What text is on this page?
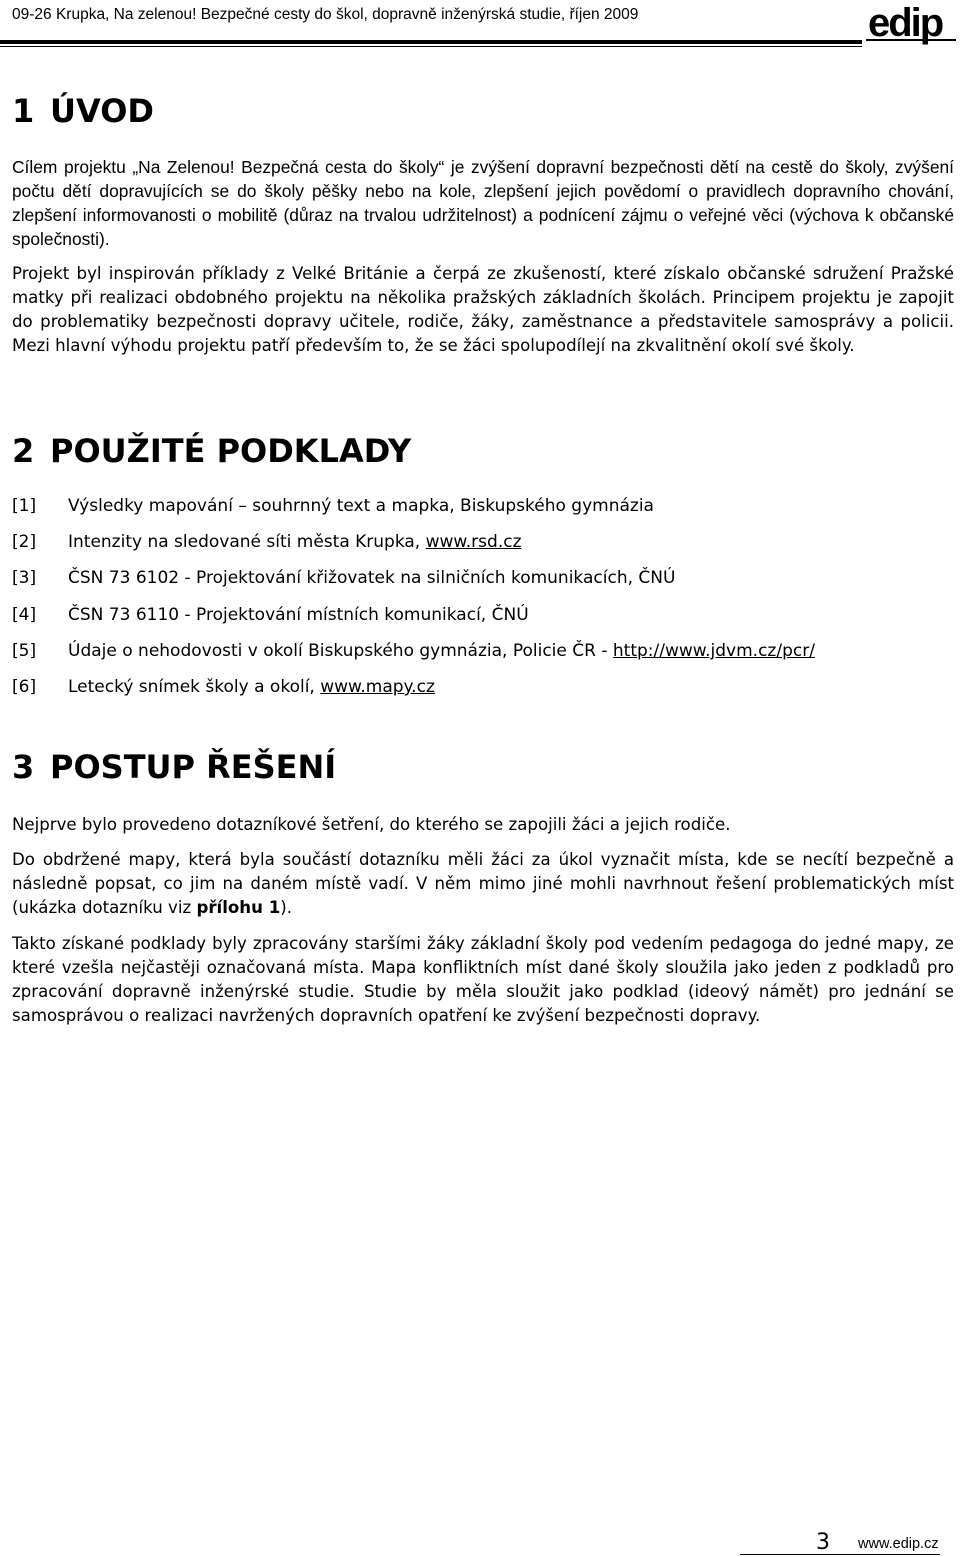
09-26 Krupka, Na zelenou! Bezpečné cesty do škol, dopravně inženýrská studie, říjen 2009	edip
1 ÚVOD

Cílem projektu „Na Zelenou! Bezpečná cesta do školy“ je zvýšení dopravní bezpečnosti dětí na cestě do školy, zvýšení počtu dětí dopravujících se do školy pěšky nebo na kole, zlepšení jejich povědomí o pravidlech dopravního chování, zlepšení informovanosti o mobilitě (důraz na trvalou udržitelnost) a podnícení zájmu o veřejné věci (výchova k občanské společnosti).

Projekt byl inspirován příklady z Velké Británie a čerpá ze zkušeností, které získalo občanské sdružení Pražské matky při realizaci obdobného projektu na několika pražských základních školách. Principem projektu je zapojit do problematiky bezpečnosti dopravy učitele, rodiče, žáky, zaměstnance a představitele samosprávy a policii. Mezi hlavní výhodu projektu patří především to, že se žáci spolupodílejí na zkvalitnění okolí své školy.

2 POUŽITÉ PODKLADY
[1] Výsledky mapování – souhrnný text a mapka, Biskupského gymnázia
[2] Intenzity na sledované síti města Krupka, www.rsd.cz
[3] ČSN 73 6102 - Projektování křižovatek na silničních komunikacích, ČNÚ
[4] ČSN 73 6110 - Projektování místních komunikací, ČNÚ
[5] Údaje o nehodovosti v okolí Biskupského gymnázia, Policie ČR - http://www.jdvm.cz/pcr/
[6] Letecký snímek školy a okolí, www.mapy.cz
3 POSTUP ŘEŠENÍ

Nejprve bylo provedeno dotazníkové šetření, do kterého se zapojili žáci a jejich rodiče.

Do obdržené mapy, která byla součástí dotazníku měli žáci za úkol vyznačit místa, kde se necítí bezpečně a následně popsat, co jim na daném místě vadí. V něm mimo jiné mohli navrhnout řešení problematických míst (ukázka dotazníku viz přílohu 1).

Takto získané podklady byly zpracovány staršími žáky základní školy pod vedením pedagoga do jedné mapy, ze které vzešla nejčastěji označovaná místa. Mapa konfliktních míst dané školy sloužila jako jeden z podkladů pro zpracování dopravně inženýrské studie. Studie by měla sloužit jako podklad (ideový námět) pro jednání se samosprávou o realizaci navržených dopravních opatření ke zvýšení bezpečnosti dopravy.

3 www.edip.cz
